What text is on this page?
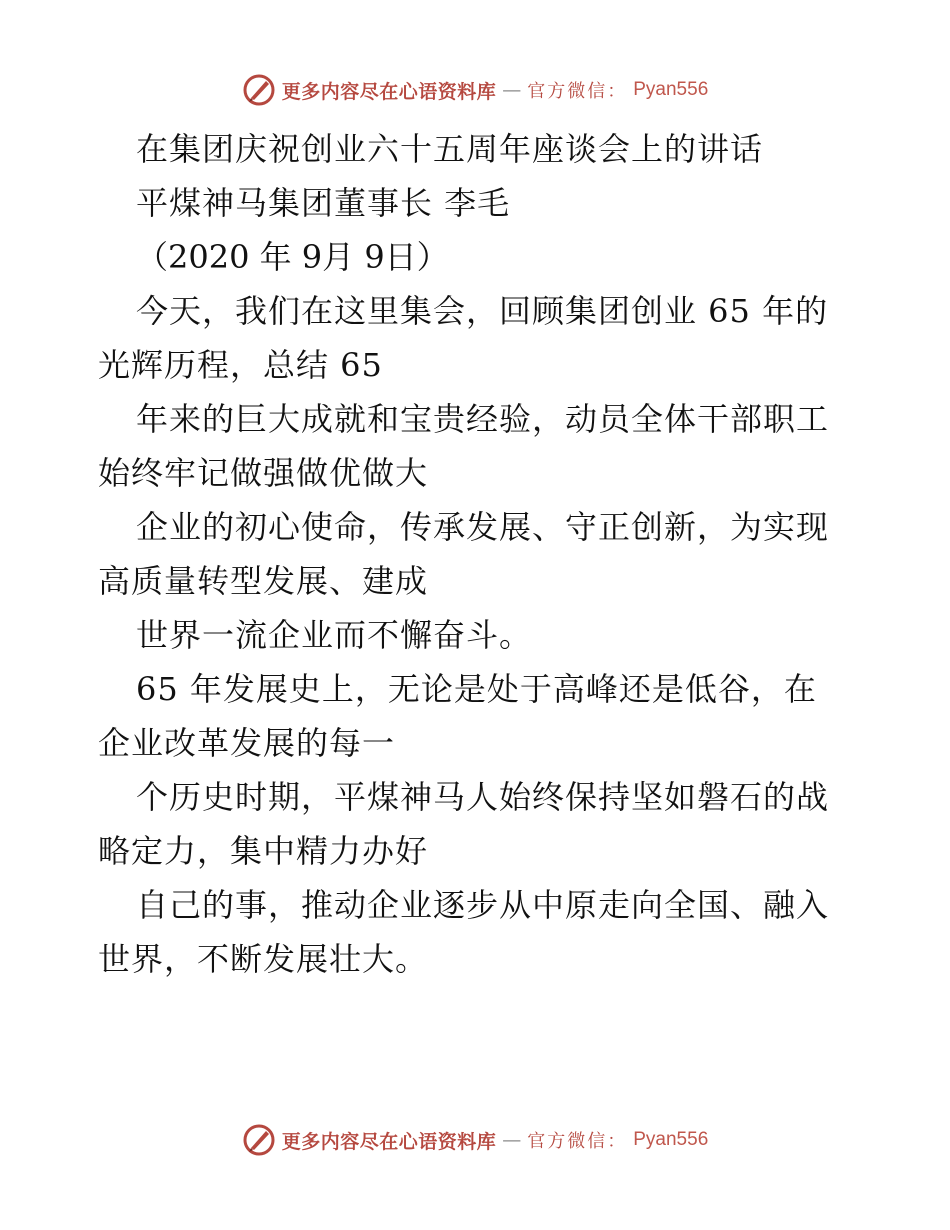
更多内容尽在心语资料库 — 官方微信： Pyan556
在集团庆祝创业六十五周年座谈会上的讲话
平煤神马集团董事长 李毛
（2020 年 9月 9日）
今天，我们在这里集会，回顾集团创业 65 年的
光辉历程，总结 65
年来的巨大成就和宝贵经验，动员全体干部职工
始终牢记做强做优做大
企业的初心使命，传承发展、守正创新，为实现
高质量转型发展、建成
世界一流企业而不懈奋斗。
65 年发展史上，无论是处于高峰还是低谷，在
企业改革发展的每一
个历史时期，平煤神马人始终保持坚如磐石的战
略定力，集中精力办好
自己的事，推动企业逐步从中原走向全国、融入
世界，不断发展壮大。
更多内容尽在心语资料库 — 官方微信： Pyan556
